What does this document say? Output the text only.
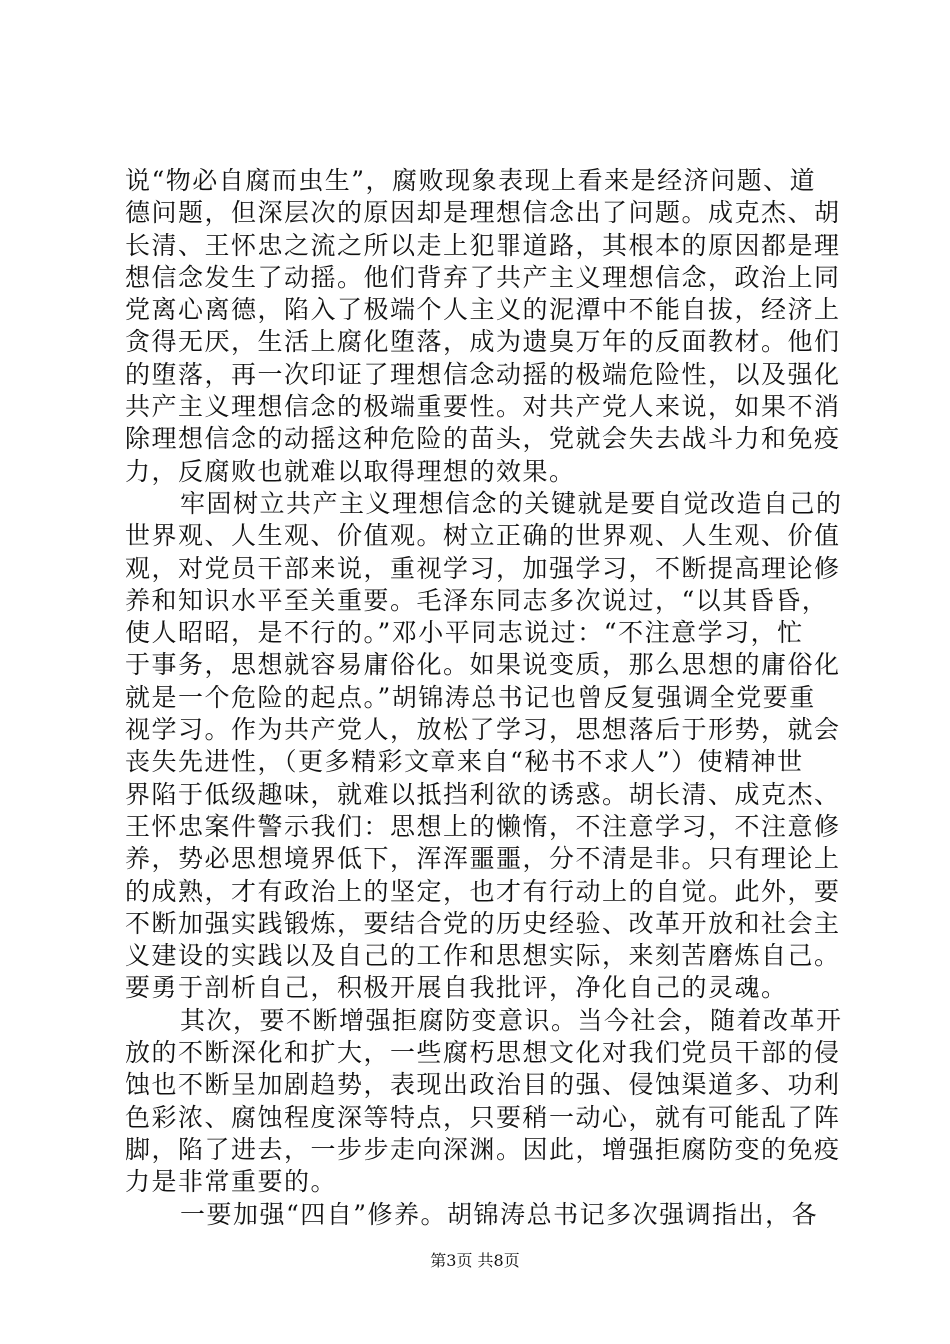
说“物必自腐而虫生”，腐败现象表现上看来是经济问题、道
德问题，但深层次的原因却是理想信念出了问题。成克杰、胡
长清、王怀忠之流之所以走上犯罪道路，其根本的原因都是理
想信念发生了动摇。他们背弃了共产主义理想信念，政治上同
党离心离德，陷入了极端个人主义的泥潭中不能自拔，经济上
贪得无厌，生活上腐化堕落，成为遗臭万年的反面教材。他们
的堕落，再一次印证了理想信念动摇的极端危险性，以及强化
共产主义理想信念的极端重要性。对共产党人来说，如果不消
除理想信念的动摇这种危险的苗头，党就会失去战斗力和免疫
力，反腐败也就难以取得理想的效果。
牢固树立共产主义理想信念的关键就是要自觉改造自己的
世界观、人生观、价值观。树立正确的世界观、人生观、价值
观，对党员干部来说，重视学习，加强学习，不断提高理论修
养和知识水平至关重要。毛泽东同志多次说过，“以其昏昏，
使人昭昭，是不行的。”邓小平同志说过：“不注意学习，忙
于事务，思想就容易庸俗化。如果说变质，那么思想的庸俗化
就是一个危险的起点。”胡锦涛总书记也曾反复强调全党要重
视学习。作为共产党人，放松了学习，思想落后于形势，就会
丧失先进性，（更多精彩文章来自“秘书不求人”）使精神世
界陷于低级趣味，就难以抵挡利欲的诱惑。胡长清、成克杰、
王怀忠案件警示我们：思想上的懒惰，不注意学习，不注意修
养，势必思想境界低下，浑浑噩噩，分不清是非。只有理论上
的成熟，才有政治上的坚定，也才有行动上的自觉。此外，要
不断加强实践锻炼，要结合党的历史经验、改革开放和社会主
义建设的实践以及自己的工作和思想实际，来刻苦磨炼自己。
要勇于剖析自己，积极开展自我批评，净化自己的灵魂。
其次，要不断增强拒腐防变意识。当今社会，随着改革开
放的不断深化和扩大，一些腐朽思想文化对我们党员干部的侵
蚀也不断呈加剧趋势，表现出政治目的强、侵蚀渠道多、功利
色彩浓、腐蚀程度深等特点，只要稍一动心，就有可能乱了阵
脚，陷了进去，一步步走向深渊。因此，增强拒腐防变的免疫
力是非常重要的。
一要加强“四自”修养。胡锦涛总书记多次强调指出，各
第3页 共8页
